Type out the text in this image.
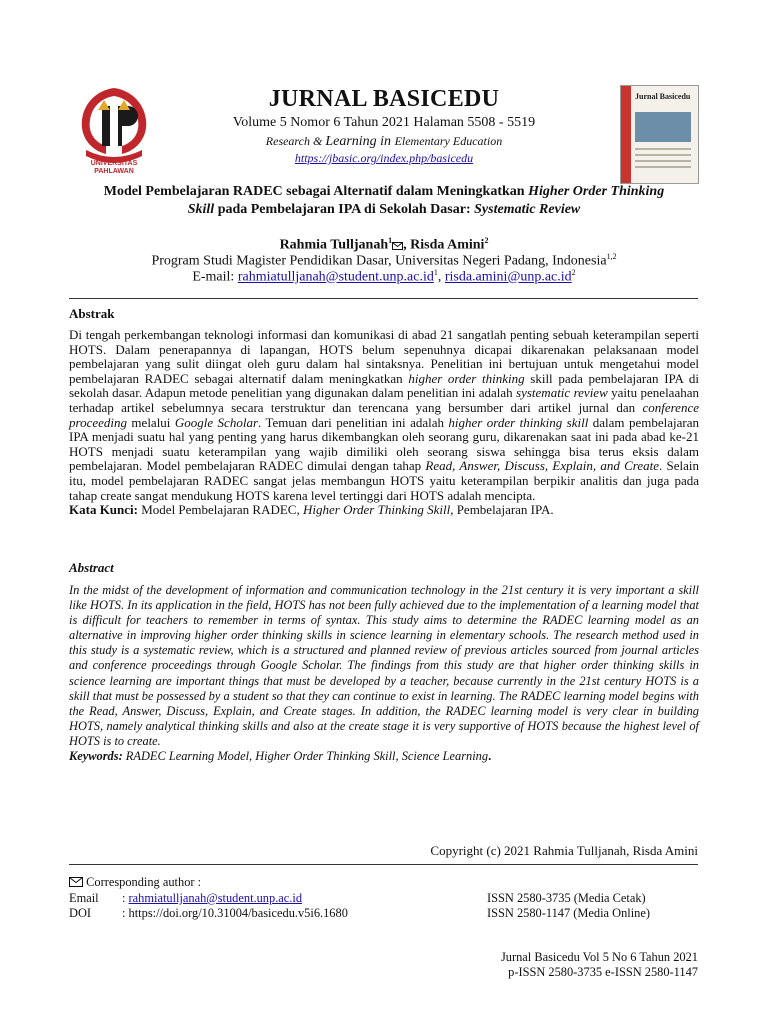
UNIVERSITAS
PAHLAWAN
JURNAL BASICEDU
Volume 5 Nomor 6 Tahun 2021 Halaman 5508 - 5519
Research & Learning in Elementary Education
https://jbasic.org/index.php/basicedu
Jurnal Basicedu
Model Pembelajaran RADEC sebagai Alternatif dalam Meningkatkan Higher Order Thinking
Skill pada Pembelajaran IPA di Sekolah Dasar: Systematic Review
Rahmia Tulljanah$^1$ , Risda Amini$^2$
Program Studi Magister Pendidikan Dasar, Universitas Negeri Padang, Indonesia$^{1,2}$
E-mail: $rahmiatulljanah@student.unp.ac.id^1$, $risda.amini@unp.ac.id^2$
Abstrak
Di tengah perkembangan teknologi informasi dan komunikasi di abad 21 sangatlah penting sebuah keterampilan seperti HOTS. Dalam penerapannya di lapangan, HOTS belum sepenuhnya dicapai dikarenakan pelaksanaan model pembelajaran yang sulit diingat oleh guru dalam hal sintaksnya. Penelitian ini bertujuan untuk mengetahui model pembelajaran RADEC sebagai alternatif dalam meningkatkan higher order thinking skill pada pembelajaran IPA di sekolah dasar. Adapun metode penelitian yang digunakan dalam penelitian ini adalah systematic review yaitu penelaahan terhadap artikel sebelumnya secara terstruktur dan terencana yang bersumber dari artikel jurnal dan conference proceeding melalui Google Scholar. Temuan dari penelitian ini adalah higher order thinking skill dalam pembelajaran IPA menjadi suatu hal yang penting yang harus dikembangkan oleh seorang guru, dikarenakan saat ini pada abad ke-21 HOTS menjadi suatu keterampilan yang wajib dimiliki oleh seorang siswa sehingga bisa terus eksis dalam pembelajaran. Model pembelajaran RADEC dimulai dengan tahap Read, Answer, Discuss, Explain, and Create. Selain itu, model pembelajaran RADEC sangat jelas membangun HOTS yaitu keterampilan berpikir analitis dan juga pada tahap create sangat mendukung HOTS karena level tertinggi dari HOTS adalah mencipta.
Kata Kunci: Model Pembelajaran RADEC, Higher Order Thinking Skill, Pembelajaran IPA.
Abstract
In the midst of the development of information and communication technology in the 21st century it is very important a skill like HOTS. In its application in the field, HOTS has not been fully achieved due to the implementation of a learning model that is difficult for teachers to remember in terms of syntax. This study aims to determine the RADEC learning model as an alternative in improving higher order thinking skills in science learning in elementary schools. The research method used in this study is a systematic review, which is a structured and planned review of previous articles sourced from journal articles and conference proceedings through Google Scholar. The findings from this study are that higher order thinking skills in science learning are important things that must be developed by a teacher, because currently in the 21st century HOTS is a skill that must be possessed by a student so that they can continue to exist in learning. The RADEC learning model begins with the Read, Answer, Discuss, Explain, and Create stages. In addition, the RADEC learning model is very clear in building HOTS, namely analytical thinking skills and also at the create stage it is very supportive of HOTS because the highest level of HOTS is to create.
Keywords: RADEC Learning Model, Higher Order Thinking Skill, Science Learning.
Copyright (c) 2021 Rahmia Tulljanah, Risda Amini
Corresponding author :
Email : rahmiatulljanah@student.unp.ac.id
DOI : https://doi.org/10.31004/basicedu.v5i6.1680
ISSN 2580-3735 (Media Cetak)
ISSN 2580-1147 (Media Online)
Jurnal Basicedu Vol 5 No 6 Tahun 2021
p-ISSN 2580-3735 e-ISSN 2580-1147
